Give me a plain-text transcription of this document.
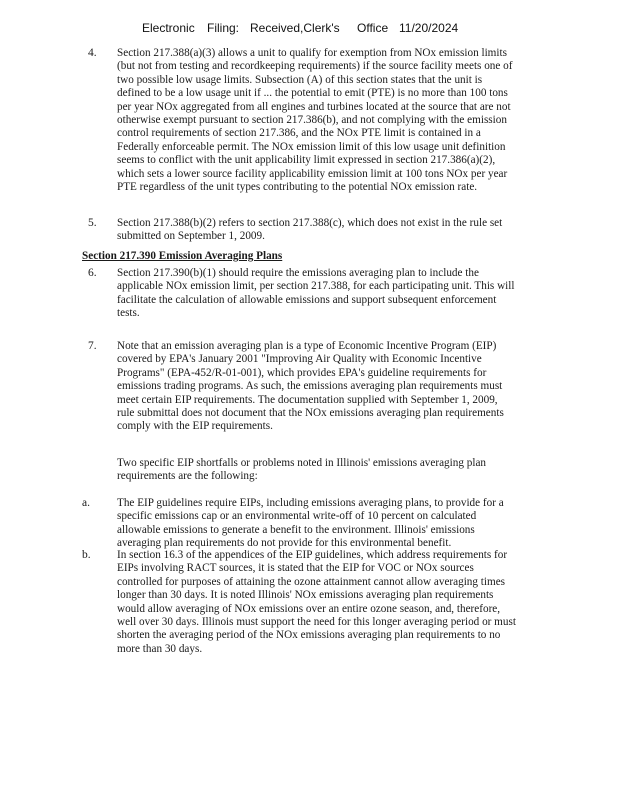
Electronic Filing: Received,Clerk's Office 11/20/2024
Section 217.390 Emission Averaging Plans
4. Section 217.388(a)(3) allows a unit to qualify for exemption from NOx emission limits
(but not from testing and recordkeeping requirements) if the source facility meets one of
two possible low usage limits. Subsection (A) of this section states that the unit is
defined to be a low usage unit if ... the potential to emit (PTE) is no more than 100 tons
per year NOx aggregated from all engines and turbines located at the source that are not
otherwise exempt pursuant to section 217.386(b), and not complying with the emission
control requirements of section 217.386, and the NOx PTE limit is contained in a
Federally enforceable permit. The NOx emission limit of this low usage unit definition
seems to conflict with the unit applicability limit expressed in section 217.386(a)(2),
which sets a lower source facility applicability emission limit at 100 tons NOx per year
PTE regardless of the unit types contributing to the potential NOx emission rate.
5. Section 217.388(b)(2) refers to section 217.388(c), which does not exist in the rule set
submitted on September 1, 2009.
6. Section 217.390(b)(1) should require the emissions averaging plan to include the
applicable NOx emission limit, per section 217.388, for each participating unit. This will
facilitate the calculation of allowable emissions and support subsequent enforcement
tests.
7. Note that an emission averaging plan is a type of Economic Incentive Program (EIP)
covered by EPA's January 2001 "Improving Air Quality with Economic Incentive
Programs" (EPA-452/R-01-001), which provides EPA's guideline requirements for
emissions trading programs. As such, the emissions averaging plan requirements must
meet certain EIP requirements. The documentation supplied with September 1, 2009,
rule submittal does not document that the NOx emissions averaging plan requirements
comply with the EIP requirements.
Two specific EIP shortfalls or problems noted in Illinois' emissions averaging plan
requirements are the following:
a. The EIP guidelines require EIPs, including emissions averaging plans, to provide for a
specific emissions cap or an environmental write-off of 10 percent on calculated
allowable emissions to generate a benefit to the environment. Illinois' emissions
averaging plan requirements do not provide for this environmental benefit.
b. In section 16.3 of the appendices of the EIP guidelines, which address requirements for
EIPs involving RACT sources, it is stated that the EIP for VOC or NOx sources
controlled for purposes of attaining the ozone attainment cannot allow averaging times
longer than 30 days. It is noted Illinois' NOx emissions averaging plan requirements
would allow averaging of NOx emissions over an entire ozone season, and, therefore,
well over 30 days. Illinois must support the need for this longer averaging period or must
shorten the averaging period of the NOx emissions averaging plan requirements to no
more than 30 days.
